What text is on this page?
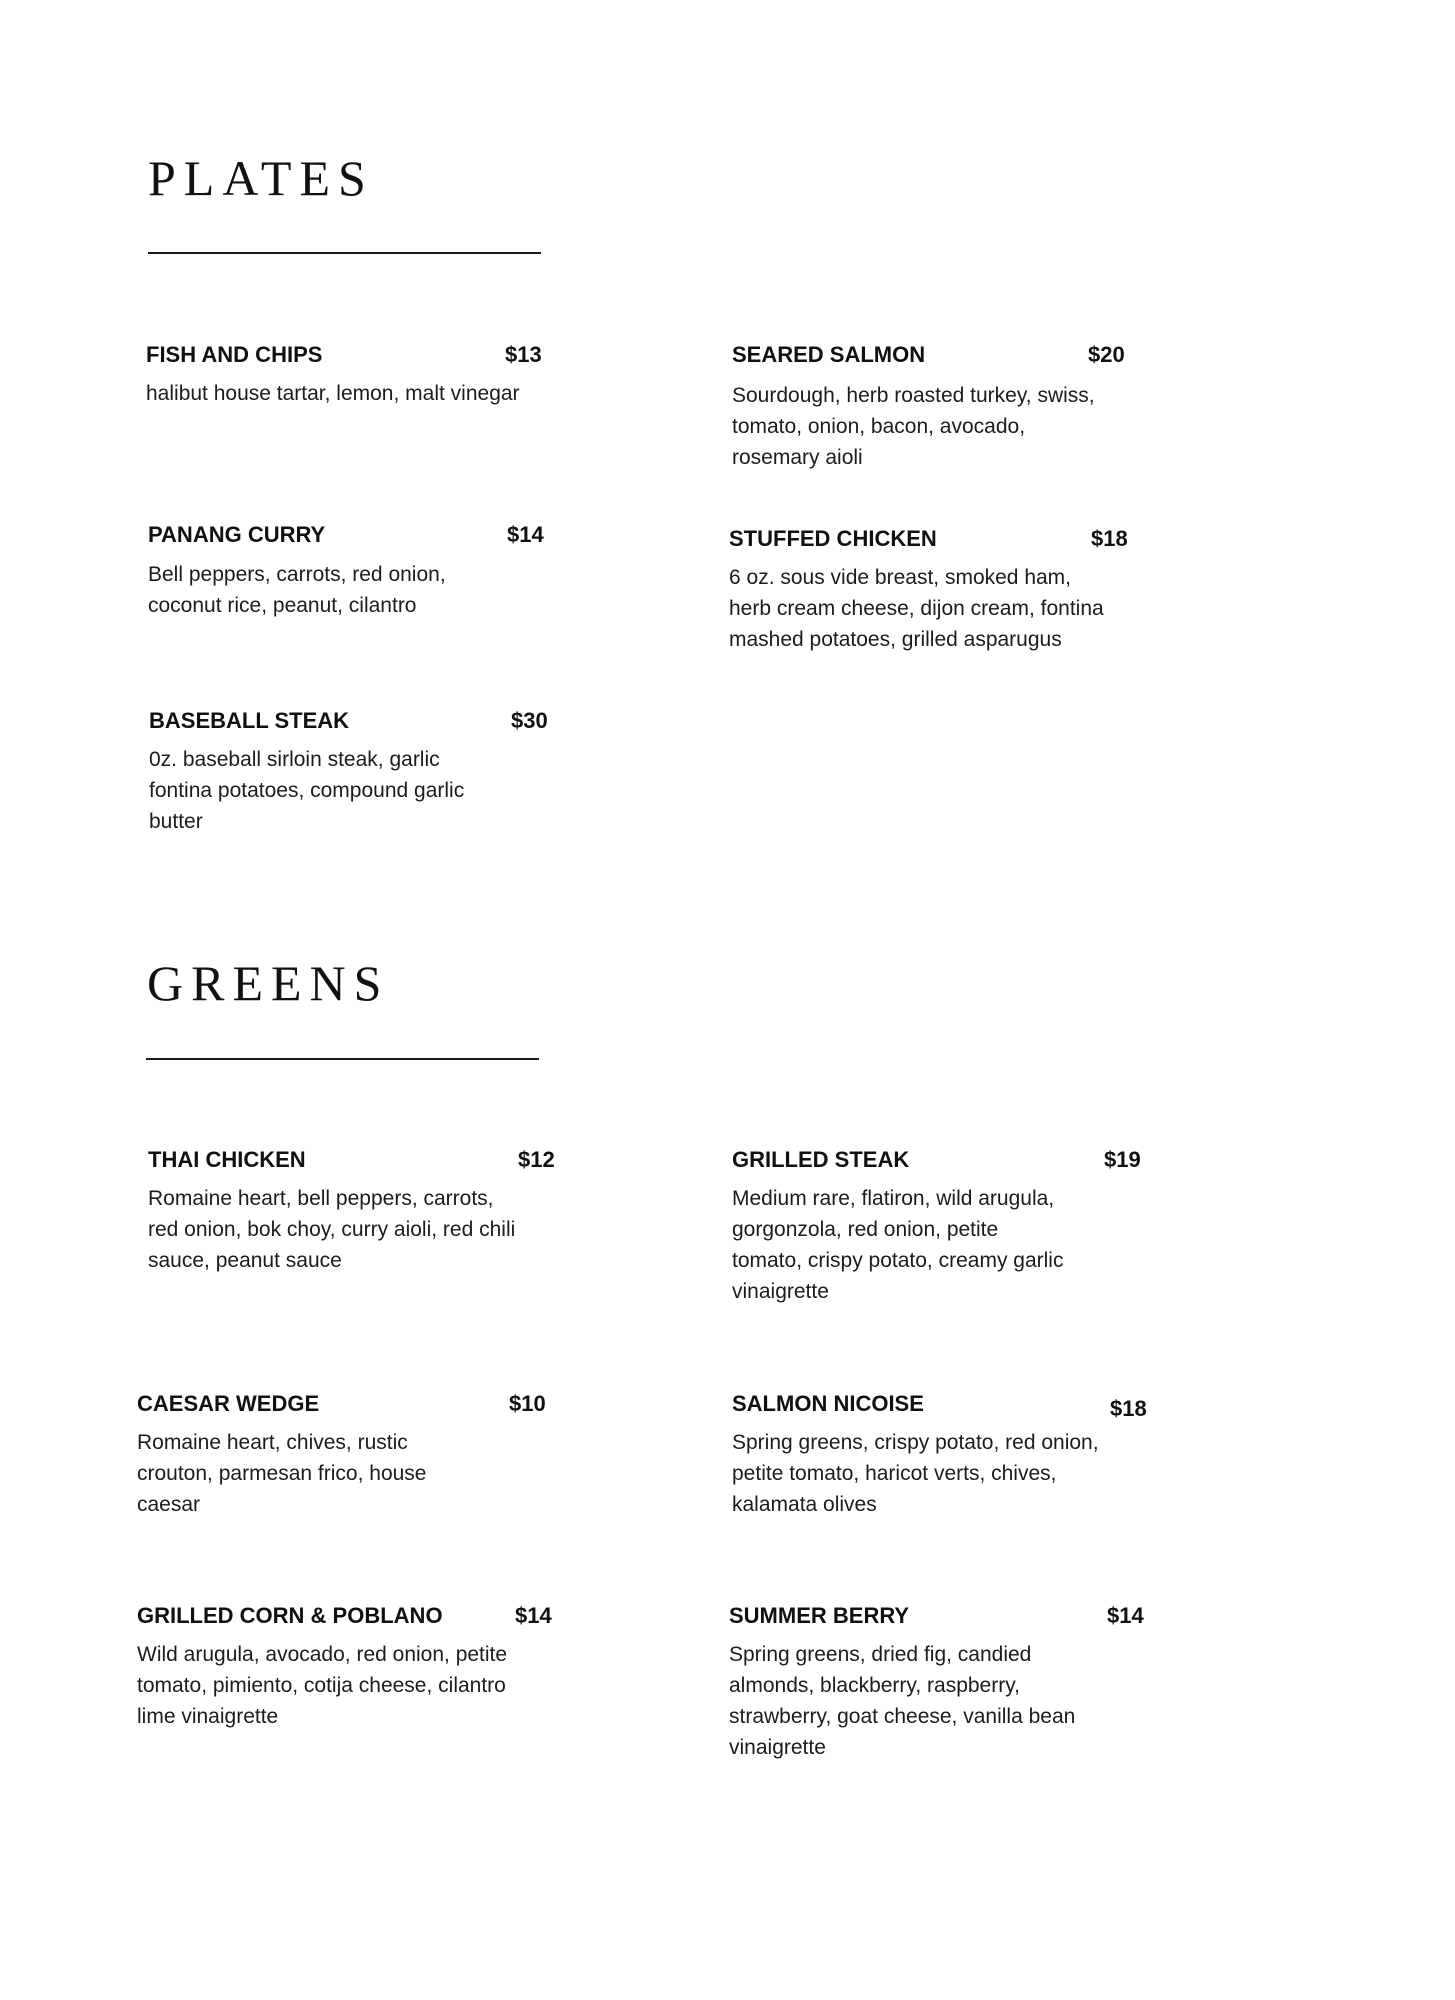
PLATES
FISH AND CHIPS	$13
halibut house tartar, lemon, malt vinegar
SEARED SALMON	$20
Sourdough, herb roasted turkey, swiss, tomato, onion, bacon, avocado, rosemary aioli
PANANG CURRY	$14
Bell peppers, carrots, red onion, coconut rice, peanut, cilantro
STUFFED CHICKEN	$18
6 oz. sous vide breast, smoked ham, herb cream cheese, dijon cream, fontina mashed potatoes, grilled asparugus
BASEBALL STEAK	$30
0z. baseball sirloin steak, garlic fontina potatoes, compound garlic butter
GREENS
THAI CHICKEN	$12
Romaine heart, bell peppers, carrots, red onion, bok choy, curry aioli, red chili sauce, peanut sauce
GRILLED STEAK	$19
Medium rare, flatiron, wild arugula, gorgonzola, red onion, petite tomato, crispy potato, creamy garlic vinaigrette
CAESAR WEDGE	$10
Romaine heart, chives, rustic crouton, parmesan frico, house caesar
SALMON NICOISE	$18
Spring greens, crispy potato, red onion, petite tomato, haricot verts, chives, kalamata olives
GRILLED CORN & POBLANO	$14
Wild arugula, avocado, red onion, petite tomato, pimiento, cotija cheese, cilantro lime vinaigrette
SUMMER BERRY	$14
Spring greens, dried fig, candied almonds, blackberry, raspberry, strawberry, goat cheese, vanilla bean vinaigrette
